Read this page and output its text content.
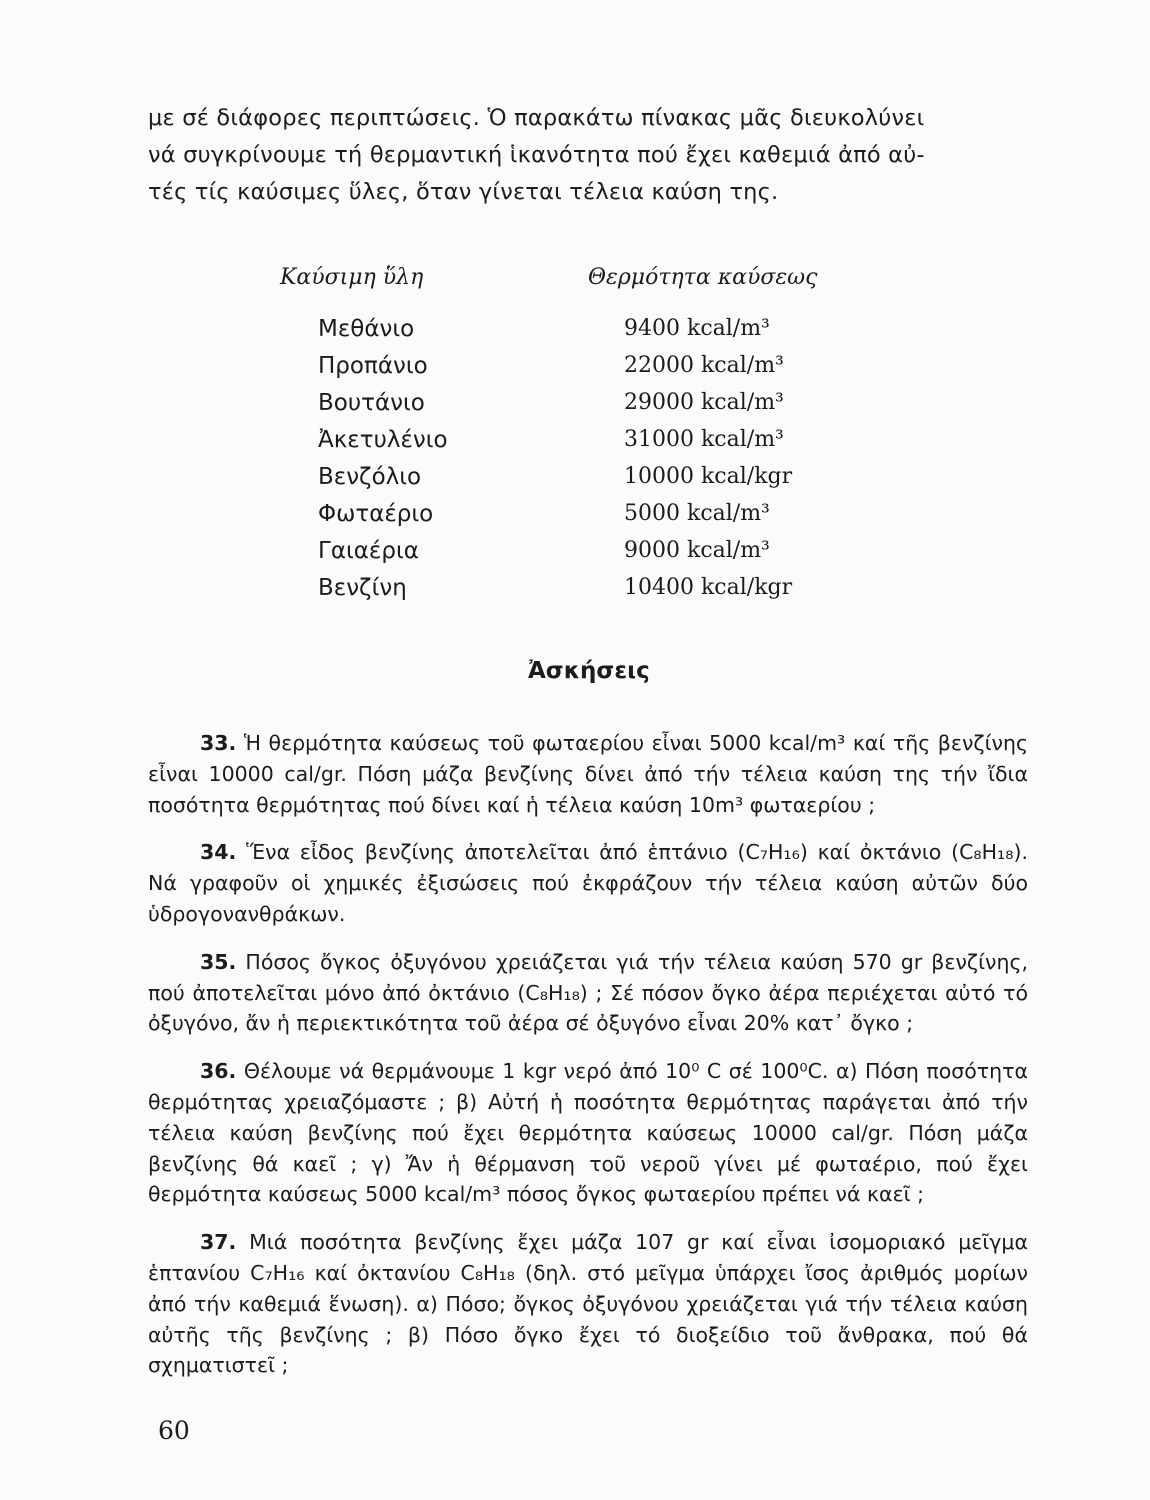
με σέ διάφορες περιπτώσεις. Ὁ παρακάτω πίνακας μᾶς διευκολύνει

νά συγκρίνουμε τή θερμαντική ἱκανότητα πού ἔχει καθεμιά ἀπό αὐ-

τές τίς καύσιμες ὕλες, ὅταν γίνεται τέλεια καύση της.

Καύσιμη ὕλη	Θερμότητα καύσεως
Μεθάνιο	9400 kcal/m³
Προπάνιο	22000 kcal/m³
Βουτάνιο	29000 kcal/m³
Ἀκετυλένιο	31000 kcal/m³
Βενζόλιο	10000 kcal/kgr
Φωταέριο	5000 kcal/m³
Γαιαέρια	9000 kcal/m³
Βενζίνη	10400 kcal/kgr
Ἀσκήσεις

33. Ἡ θερμότητα καύσεως τοῦ φωταερίου εἶναι 5000 kcal/m³ καί τῆς βενζίνης εἶναι 10000 cal/gr. Πόση μάζα βενζίνης δίνει ἀπό τήν τέλεια καύση της τήν ἴδια ποσότητα θερμότητας πού δίνει καί ἡ τέλεια καύση 10m³ φωταερίου ;

34. Ἕνα εἶδος βενζίνης ἀποτελεῖται ἀπό ἑπτάνιο (C₇H₁₆) καί ὀκτάνιο (C₈H₁₈). Νά γραφοῦν οἱ χημικές ἐξισώσεις πού ἐκφράζουν τήν τέλεια καύση αὐτῶν δύο ὑδρογονανθράκων.

35. Πόσος ὄγκος ὀξυγόνου χρειάζεται γιά τήν τέλεια καύση 570 gr βενζίνης, πού ἀποτελεῖται μόνο ἀπό ὀκτάνιο (C₈H₁₈) ; Σέ πόσον ὄγκο ἀέρα περιέχεται αὐτό τό ὀξυγόνο, ἄν ἡ περιεκτικότητα τοῦ ἀέρα σέ ὀξυγόνο εἶναι 20% κατ᾽ ὄγκο ;

36. Θέλουμε νά θερμάνουμε 1 kgr νερό ἀπό 10⁰ C σέ 100⁰C. α) Πόση ποσότητα θερμότητας χρειαζόμαστε ; β) Αὐτή ἡ ποσότητα θερμότητας παράγεται ἀπό τήν τέλεια καύση βενζίνης πού ἔχει θερμότητα καύσεως 10000 cal/gr. Πόση μάζα βενζίνης θά καεῖ ; γ) Ἄν ἡ θέρμανση τοῦ νεροῦ γίνει μέ φωταέριο, πού ἔχει θερμότητα καύσεως 5000 kcal/m³ πόσος ὄγκος φωταερίου πρέπει νά καεῖ ;

37. Μιά ποσότητα βενζίνης ἔχει μάζα 107 gr καί εἶναι ἰσομοριακό μεῖγμα ἑπτανίου C₇H₁₆ καί ὀκτανίου C₈H₁₈ (δηλ. στό μεῖγμα ὑπάρχει ἴσος ἀριθμός μορίων ἀπό τήν καθεμιά ἕνωση). α) Πόσο; ὄγκος ὀξυγόνου χρειάζεται γιά τήν τέλεια καύση αὐτῆς τῆς βενζίνης ; β) Πόσο ὄγκο ἔχει τό διοξείδιο τοῦ ἄνθρακα, πού θά σχηματιστεῖ ;

60
